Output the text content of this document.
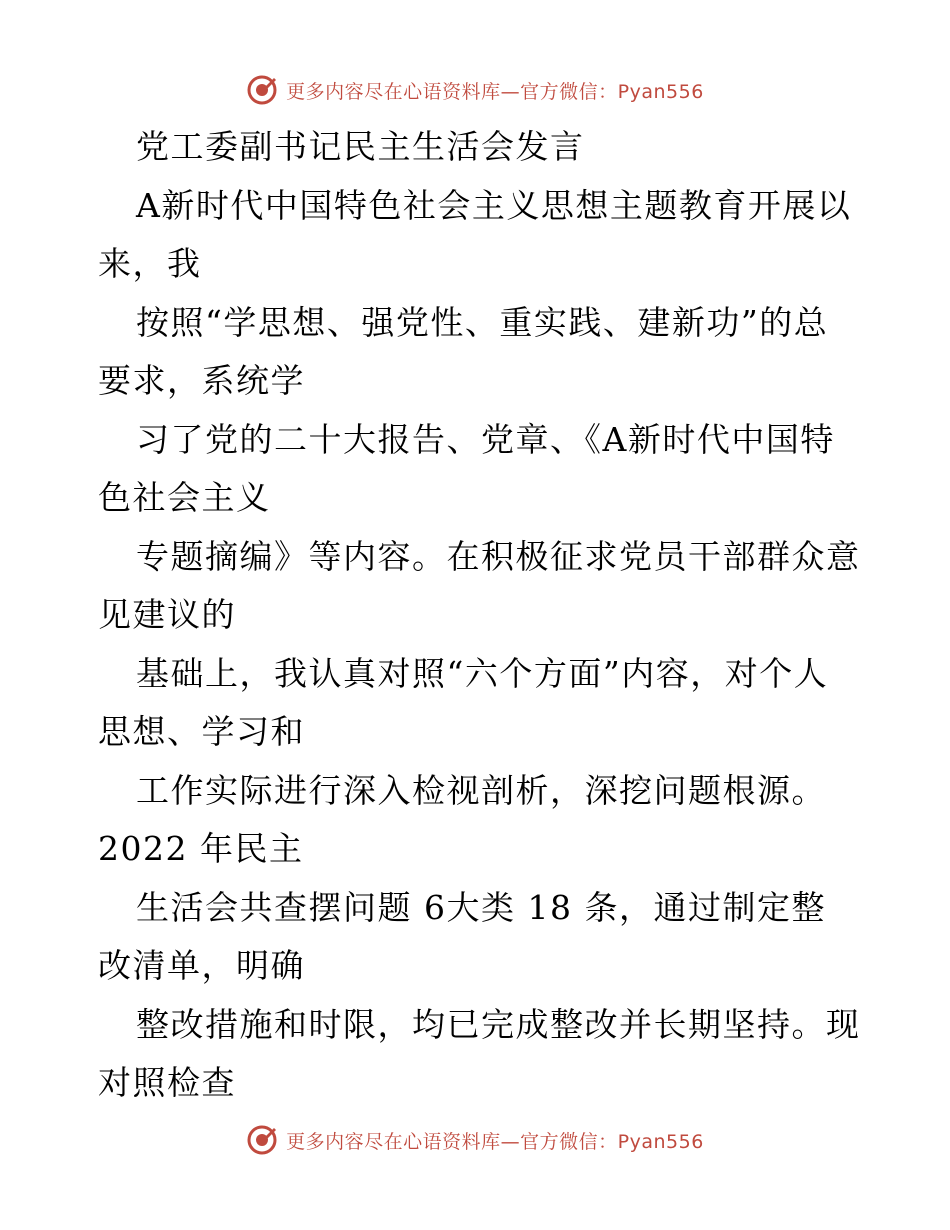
更多内容尽在心语资料库—官方微信：Pyan556
党工委副书记民主生活会发言
A新时代中国特色社会主义思想主题教育开展以
来，我
按照“学思想、强党性、重实践、建新功”的总
要求，系统学
习了党的二十大报告、党章、《A新时代中国特
色社会主义
专题摘编》等内容。在积极征求党员干部群众意
见建议的
基础上，我认真对照“六个方面”内容，对个人
思想、学习和
工作实际进行深入检视剖析，深挖问题根源。
2022 年民主
生活会共查摆问题 6大类 18 条，通过制定整
改清单，明确
整改措施和时限，均已完成整改并长期坚持。现
对照检查
更多内容尽在心语资料库—官方微信：Pyan556
